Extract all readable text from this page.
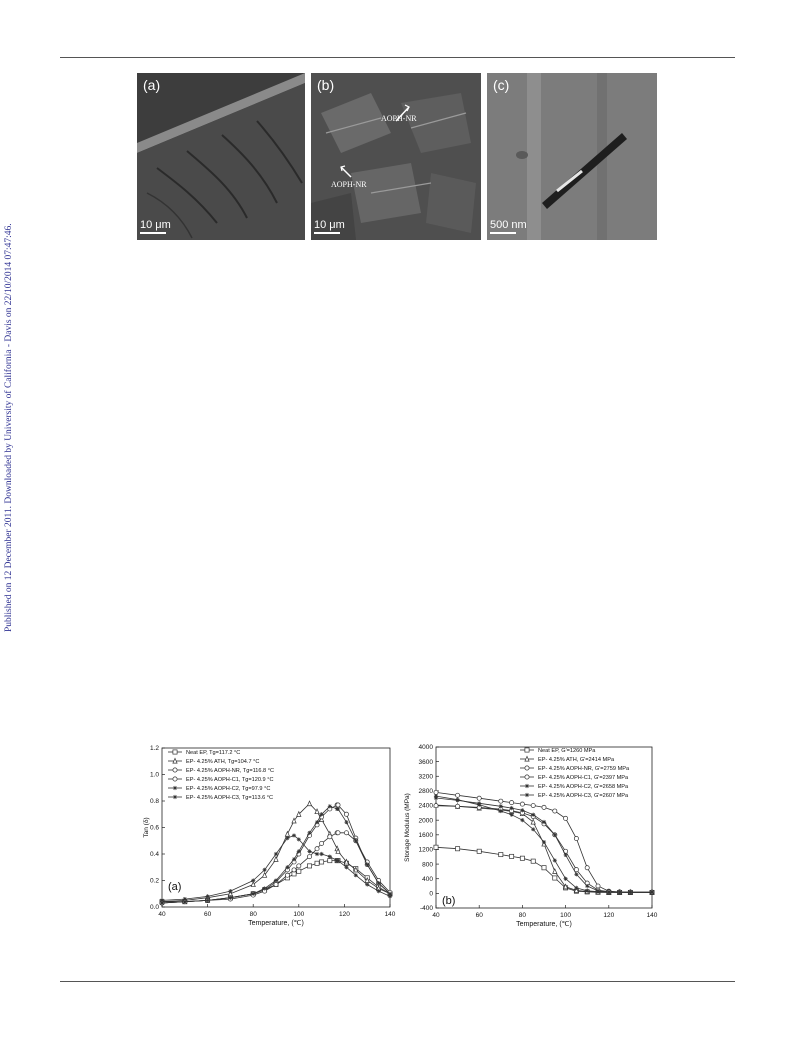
Published on 12 December 2011. Downloaded by University of California - Davis on 22/10/2014 07:47:46.
(a)
10 μm
(b)
AOPH-NR
AOPH-NR
10 μm
(c)
500 nm
40	60	80	100	120	140
0.0
0.2
0.4
0.6
0.8
1.0
1.2
Temperature, (℃)
Tan (δ)
Neat EP, Tg=117.2 °C
EP- 4.25% ATH, Tg=104.7 °C
EP- 4.25% AOPH-NR, Tg=116.8 °C
EP- 4.25% AOPH-C1, Tg=120.9 °C
EP- 4.25% AOPH-C2, Tg=97.9 °C
EP- 4.25% AOPH-C3, Tg=113.6 °C
(a)
40	60	80	100	120	140
-400
0
400
800
1200
1600
2000
2400
2800
3200
3600
4000
Temperature, (℃)
Storage Modulus (MPa)
Neat EP, G'=1260 MPa
EP- 4.25% ATH, G'=2414 MPa
EP- 4.25% AOPH-NR, G'=2759 MPa
EP- 4.25% AOPH-C1, G'=2397 MPa
EP- 4.25% AOPH-C2, G'=2658 MPa
EP- 4.25% AOPH-C3, G'=2607 MPa
(b)
